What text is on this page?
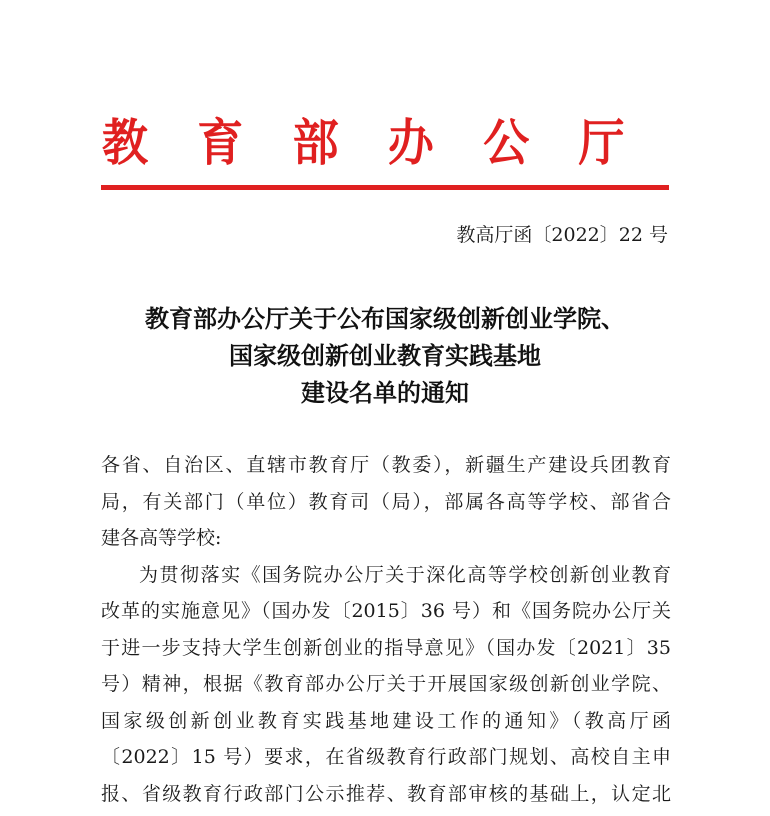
教 育 部 办 公 厅
教高厅函〔2022〕22 号
教育部办公厅关于公布国家级创新创业学院、
国家级创新创业教育实践基地
建设名单的通知
各省、自治区、直辖市教育厅（教委），新疆生产建设兵团教育
局，有关部门（单位）教育司（局），部属各高等学校、部省合
建各高等学校:
为贯彻落实《国务院办公厅关于深化高等学校创新创业教育
改革的实施意见》（国办发〔2015〕36 号）和《国务院办公厅关
于进一步支持大学生创新创业的指导意见》（国办发〔2021〕35
号）精神，根据《教育部办公厅关于开展国家级创新创业学院、
国家级创新创业教育实践基地建设工作的通知》（教高厅函
〔2022〕15 号）要求，在省级教育行政部门规划、高校自主申
报、省级教育行政部门公示推荐、教育部审核的基础上，认定北
